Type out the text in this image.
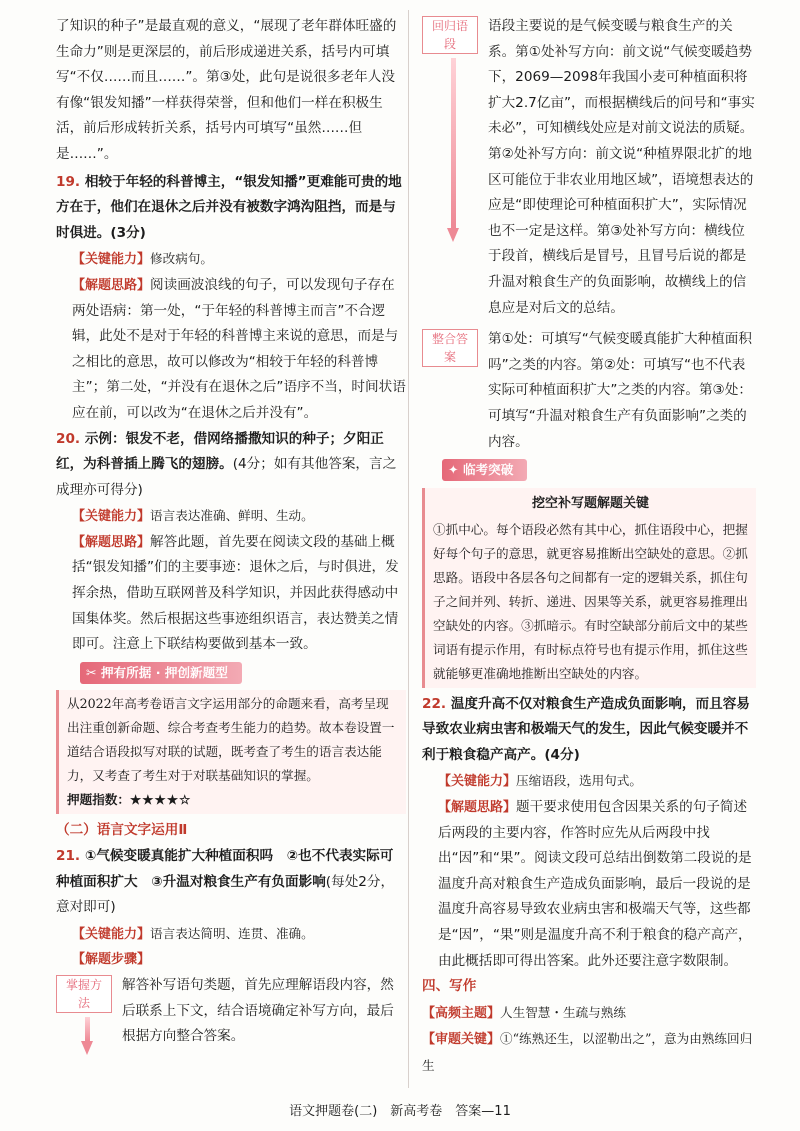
了知识的种子”是最直观的意义，“展现了老年群体旺盛的生命力”则是更深层的，前后形成递进关系，括号内可填写“不仅……而且……”。第③处，此句是说很多老年人没有像“银发知播”一样获得荣誉，但和他们一样在积极生活，前后形成转折关系，括号内可填写“虽然……但是……”。

19. 相较于年轻的科普博主，“银发知播”更难能可贵的地方在于，他们在退休之后并没有被数字鸿沟阻挡，而是与时俱进。(3分)

【关键能力】修改病句。

【解题思路】阅读画波浪线的句子，可以发现句子存在两处语病：第一处，“于年轻的科普博主而言”不合逻辑，此处不是对于年轻的科普博主来说的意思，而是与之相比的意思，故可以修改为“相较于年轻的科普博主”；第二处，“并没有在退休之后”语序不当，时间状语应在前，可以改为“在退休之后并没有”。

20. 示例：银发不老，借网络播撒知识的种子；夕阳正红，为科普插上腾飞的翅膀。(4分；如有其他答案，言之成理亦可得分)

【关键能力】语言表达准确、鲜明、生动。

【解题思路】解答此题，首先要在阅读文段的基础上概括“银发知播”们的主要事迹：退休之后，与时俱进，发挥余热，借助互联网普及科学知识，并因此获得感动中国集体奖。然后根据这些事迹组织语言，表达赞美之情即可。注意上下联结构要做到基本一致。

✂ 押有所据 · 押创新题型

从2022年高考卷语言文字运用部分的命题来看，高考呈现出注重创新命题、综合考查考生能力的趋势。故本卷设置一道结合语段拟写对联的试题，既考查了考生的语言表达能力，又考查了考生对于对联基础知识的掌握。

押题指数：★★★★☆

（二）语言文字运用Ⅱ

21. ①气候变暖真能扩大种植面积吗　②也不代表实际可种植面积扩大　③升温对粮食生产有负面影响(每处2分，意对即可)

【关键能力】语言表达简明、连贯、准确。

【解题步骤】

掌握方法

解答补写语句类题，首先应理解语段内容，然后联系上下文，结合语境确定补写方向，最后根据方向整合答案。

回归语段

语段主要说的是气候变暖与粮食生产的关系。第①处补写方向：前文说“气候变暖趋势下，2069—2098年我国小麦可种植面积将扩大2.7亿亩”，而根据横线后的问号和“事实未必”，可知横线处应是对前文说法的质疑。第②处补写方向：前文说“种植界限北扩的地区可能位于非农业用地区域”，语境想表达的应是“即使理论可种植面积扩大”，实际情况也不一定是这样。第③处补写方向：横线位于段首，横线后是冒号，且冒号后说的都是升温对粮食生产的负面影响，故横线上的信息应是对后文的总结。

整合答案

第①处：可填写“气候变暖真能扩大种植面积吗”之类的内容。第②处：可填写“也不代表实际可种植面积扩大”之类的内容。第③处：可填写“升温对粮食生产有负面影响”之类的内容。

✦ 临考突破

挖空补写题解题关键

①抓中心。每个语段必然有其中心，抓住语段中心，把握好每个句子的意思，就更容易推断出空缺处的意思。②抓思路。语段中各层各句之间都有一定的逻辑关系，抓住句子之间并列、转折、递进、因果等关系，就更容易推理出空缺处的内容。③抓暗示。有时空缺部分前后文中的某些词语有提示作用，有时标点符号也有提示作用，抓住这些就能够更准确地推断出空缺处的内容。

22. 温度升高不仅对粮食生产造成负面影响，而且容易导致农业病虫害和极端天气的发生，因此气候变暖并不利于粮食稳产高产。(4分)

【关键能力】压缩语段，选用句式。

【解题思路】题干要求使用包含因果关系的句子简述后两段的主要内容，作答时应先从后两段中找出“因”和“果”。阅读文段可总结出倒数第二段说的是温度升高对粮食生产造成负面影响，最后一段说的是温度升高容易导致农业病虫害和极端天气等，这些都是“因”，“果”则是温度升高不利于粮食的稳产高产，由此概括即可得出答案。此外还要注意字数限制。

四、写作

【高频主题】人生智慧・生疏与熟练

【审题关键】①“练熟还生，以涩勒出之”，意为由熟练回归生

语文押题卷(二)　新高考卷　答案—11
